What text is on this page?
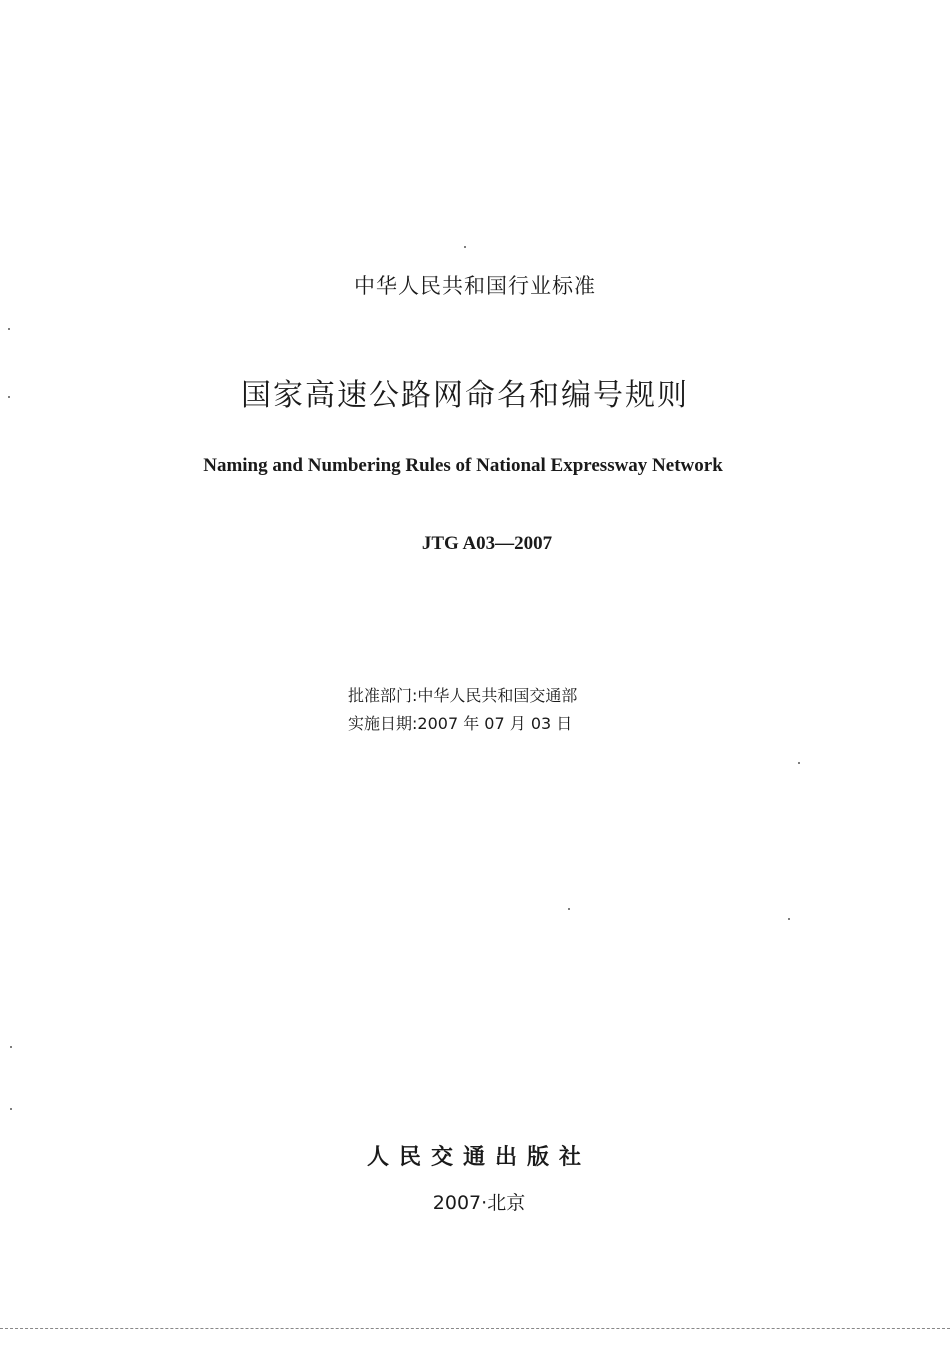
中华人民共和国行业标准
国家高速公路网命名和编号规则
Naming and Numbering Rules of National Expressway Network
JTG A03—2007
批准部门:中华人民共和国交通部
实施日期:2007 年 07 月 03 日
人民交通出版社
2007·北京
